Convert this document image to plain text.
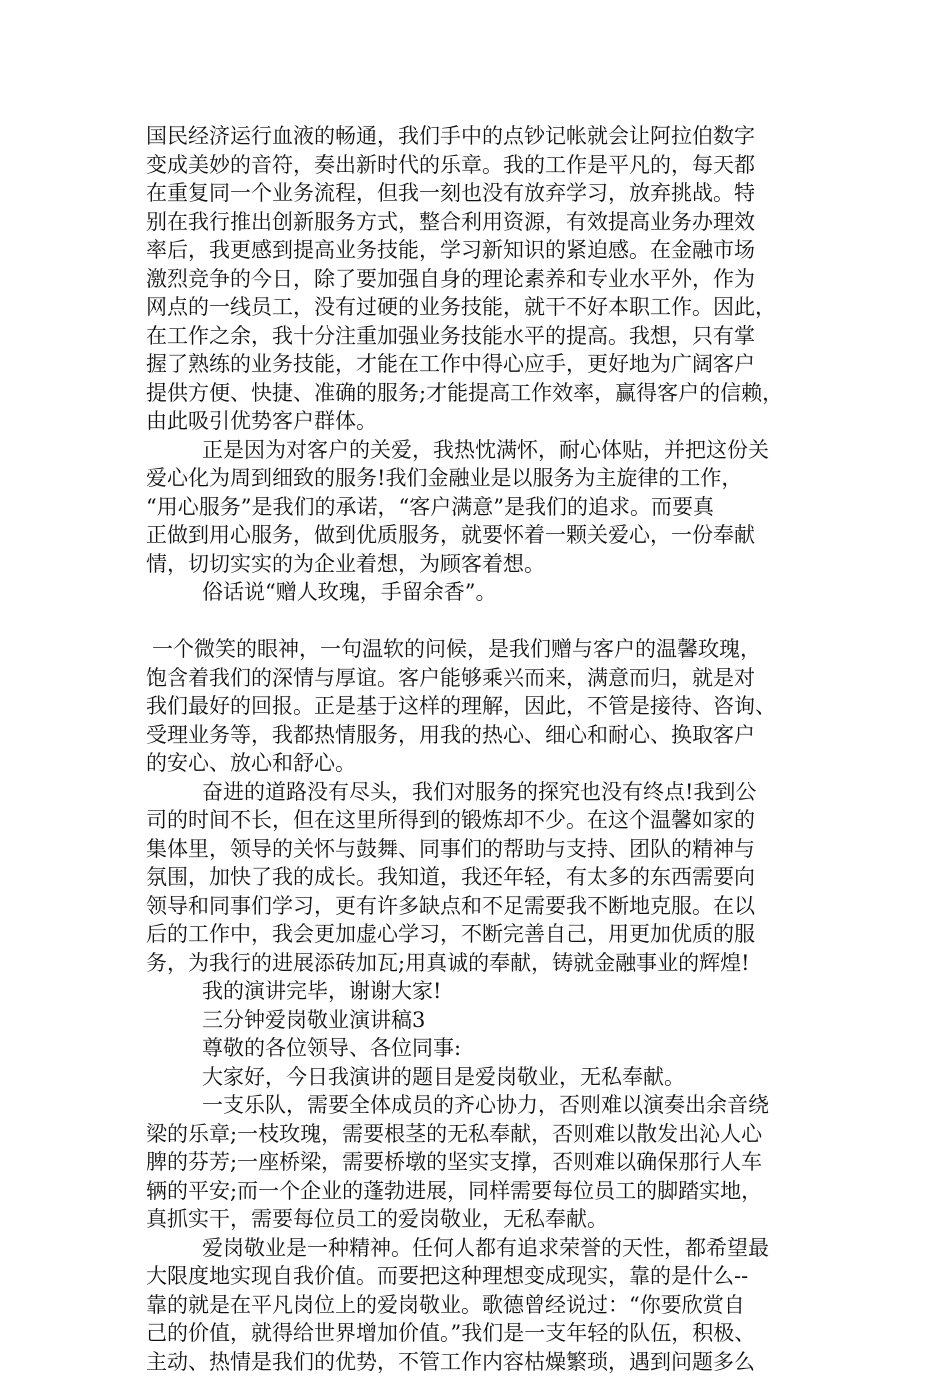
国民经济运行血液的畅通，我们手中的点钞记帐就会让阿拉伯数字
变成美妙的音符，奏出新时代的乐章。我的工作是平凡的，每天都
在重复同一个业务流程，但我一刻也没有放弃学习，放弃挑战。特
别在我行推出创新服务方式，整合利用资源，有效提高业务办理效
率后，我更感到提高业务技能，学习新知识的紧迫感。在金融市场
激烈竞争的今日，除了要加强自身的理论素养和专业水平外，作为
网点的一线员工，没有过硬的业务技能，就干不好本职工作。因此，
在工作之余，我十分注重加强业务技能水平的提高。我想，只有掌
握了熟练的业务技能，才能在工作中得心应手，更好地为广阔客户
提供方便、快捷、准确的服务;才能提高工作效率，赢得客户的信赖，
由此吸引优势客户群体。
正是因为对客户的关爱，我热忱满怀，耐心体贴，并把这份关
爱心化为周到细致的服务!我们金融业是以服务为主旋律的工作，
“用心服务”是我们的承诺，“客户满意”是我们的追求。而要真
正做到用心服务，做到优质服务，就要怀着一颗关爱心，一份奉献
情，切切实实的为企业着想，为顾客着想。
俗话说“赠人玫瑰，手留余香”。
一个微笑的眼神，一句温软的问候，是我们赠与客户的温馨玫瑰，
饱含着我们的深情与厚谊。客户能够乘兴而来，满意而归，就是对
我们最好的回报。正是基于这样的理解，因此，不管是接待、咨询、
受理业务等，我都热情服务，用我的热心、细心和耐心、换取客户
的安心、放心和舒心。
奋进的道路没有尽头，我们对服务的探究也没有终点!我到公
司的时间不长，但在这里所得到的锻炼却不少。在这个温馨如家的
集体里，领导的关怀与鼓舞、同事们的帮助与支持、团队的精神与
氛围，加快了我的成长。我知道，我还年轻，有太多的东西需要向
领导和同事们学习，更有许多缺点和不足需要我不断地克服。在以
后的工作中，我会更加虚心学习，不断完善自己，用更加优质的服
务，为我行的进展添砖加瓦;用真诚的奉献，铸就金融事业的辉煌!
我的演讲完毕，谢谢大家!
三分钟爱岗敬业演讲稿3
尊敬的各位领导、各位同事:
大家好，今日我演讲的题目是爱岗敬业，无私奉献。
一支乐队，需要全体成员的齐心协力，否则难以演奏出余音绕
梁的乐章;一枝玫瑰，需要根茎的无私奉献，否则难以散发出沁人心
脾的芬芳;一座桥梁，需要桥墩的坚实支撑，否则难以确保那行人车
辆的平安;而一个企业的蓬勃进展，同样需要每位员工的脚踏实地，
真抓实干，需要每位员工的爱岗敬业，无私奉献。
爱岗敬业是一种精神。任何人都有追求荣誉的天性，都希望最
大限度地实现自我价值。而要把这种理想变成现实，靠的是什么--
靠的就是在平凡岗位上的爱岗敬业。歌德曾经说过：“你要欣赏自
己的价值，就得给世界增加价值。”我们是一支年轻的队伍，积极、
主动、热情是我们的优势，不管工作内容枯燥繁琐，遇到问题多么
